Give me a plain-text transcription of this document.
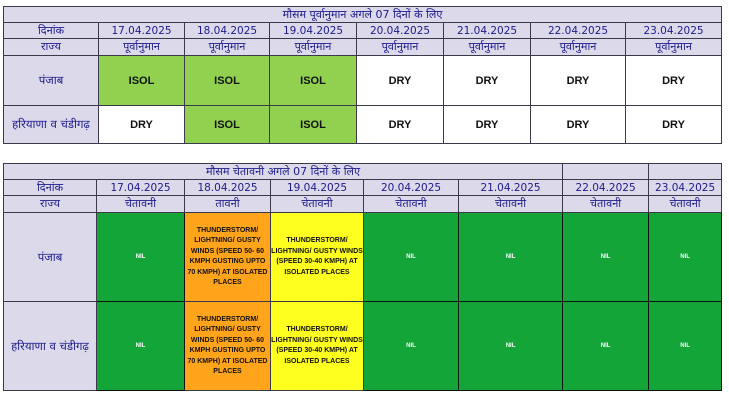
मौसम पूर्वानुमान अगले 07 दिनों के लिए							
दिनांक	17.04.2025	18.04.2025	19.04.2025	20.04.2025	21.04.2025	22.04.2025	23.04.2025
राज्य	पूर्वानुमान	पूर्वानुमान	पूर्वानुमान	पूर्वानुमान	पूर्वानुमान	पूर्वानुमान	पूर्वानुमान
पंजाब	ISOL	ISOL	ISOL	DRY	DRY	DRY	DRY
हरियाणा व चंडीगढ़	DRY	ISOL	ISOL	DRY	DRY	DRY	DRY
मौसम चेतावनी अगले 07 दिनों के लिए							
दिनांक	17.04.2025	18.04.2025	19.04.2025	20.04.2025	21.04.2025	22.04.2025	23.04.2025
राज्य	चेतावनी	तावनी	चेतावनी	चेतावनी	चेतावनी	चेतावनी	चेतावनी
पंजाब	NIL	THUNDERSTORM/ LIGHTNING/ GUSTY WINDS (SPEED 50- 60 KMPH GUSTING UPTO 70 KMPH) AT ISOLATED PLACES	THUNDERSTORM/ LIGHTNING/ GUSTY WINDS (SPEED 30-40 KMPH) AT ISOLATED PLACES	NIL	NIL	NIL	NIL
हरियाणा व चंडीगढ़	NIL	THUNDERSTORM/ LIGHTNING/ GUSTY WINDS (SPEED 50- 60 KMPH GUSTING UPTO 70 KMPH) AT ISOLATED PLACES	THUNDERSTORM/ LIGHTNING/ GUSTY WINDS (SPEED 30-40 KMPH) AT ISOLATED PLACES	NIL	NIL	NIL	NIL
